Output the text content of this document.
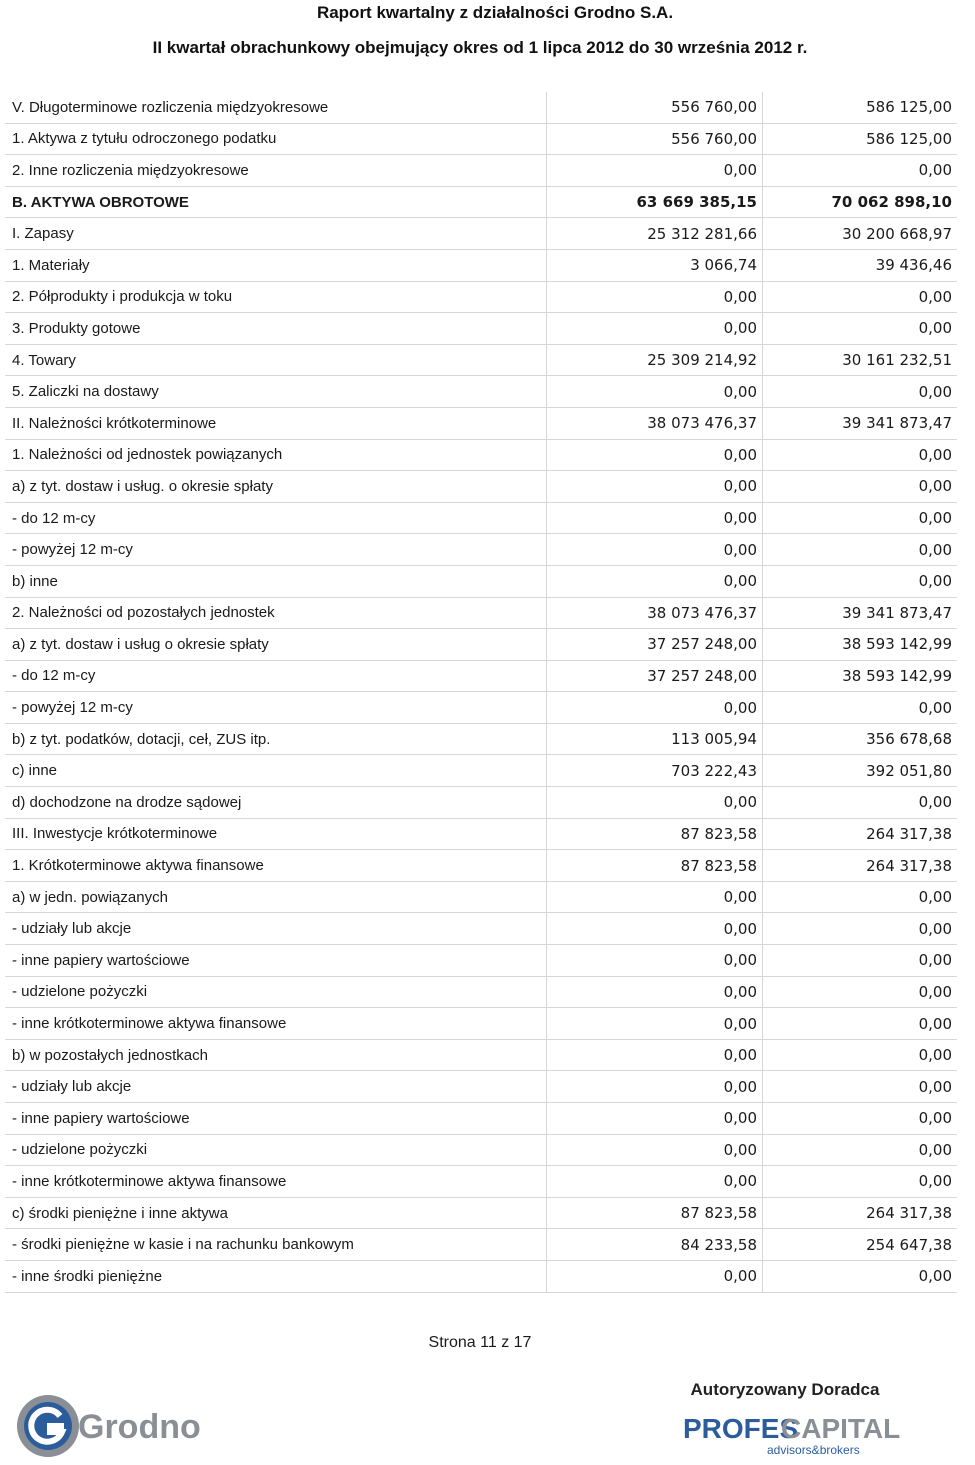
Raport kwartalny z działalności Grodno S.A.
II kwartał obrachunkowy obejmujący okres od 1 lipca 2012 do 30 września 2012 r.
V. Długoterminowe rozliczenia międzyokresowe	556 760,00	586 125,00
1. Aktywa z tytułu odroczonego podatku	556 760,00	586 125,00
2. Inne rozliczenia międzyokresowe	0,00	0,00
B. AKTYWA OBROTOWE	63 669 385,15	70 062 898,10
I. Zapasy	25 312 281,66	30 200 668,97
1. Materiały	3 066,74	39 436,46
2. Półprodukty i produkcja w toku	0,00	0,00
3. Produkty gotowe	0,00	0,00
4. Towary	25 309 214,92	30 161 232,51
5. Zaliczki na dostawy	0,00	0,00
II. Należności krótkoterminowe	38 073 476,37	39 341 873,47
1. Należności od jednostek powiązanych	0,00	0,00
a) z tyt. dostaw i usług. o okresie spłaty	0,00	0,00
- do 12 m-cy	0,00	0,00
- powyżej 12 m-cy	0,00	0,00
b) inne	0,00	0,00
2. Należności od pozostałych jednostek	38 073 476,37	39 341 873,47
a) z tyt. dostaw i usług o okresie spłaty	37 257 248,00	38 593 142,99
- do 12 m-cy	37 257 248,00	38 593 142,99
- powyżej 12 m-cy	0,00	0,00
b) z tyt. podatków, dotacji, ceł, ZUS itp.	113 005,94	356 678,68
c) inne	703 222,43	392 051,80
d) dochodzone na drodze sądowej	0,00	0,00
III. Inwestycje krótkoterminowe	87 823,58	264 317,38
1. Krótkoterminowe aktywa finansowe	87 823,58	264 317,38
a) w jedn. powiązanych	0,00	0,00
- udziały lub akcje	0,00	0,00
- inne papiery wartościowe	0,00	0,00
- udzielone pożyczki	0,00	0,00
- inne krótkoterminowe aktywa finansowe	0,00	0,00
b) w pozostałych jednostkach	0,00	0,00
- udziały lub akcje	0,00	0,00
- inne papiery wartościowe	0,00	0,00
- udzielone pożyczki	0,00	0,00
- inne krótkoterminowe aktywa finansowe	0,00	0,00
c) środki pieniężne i inne aktywa	87 823,58	264 317,38
- środki pieniężne w kasie i na rachunku bankowym	84 233,58	254 647,38
- inne środki pieniężne	0,00	0,00
Strona 11 z 17
Autoryzowany Doradca
Grodno	PROFES
CAPITAL
advisors&brokers
